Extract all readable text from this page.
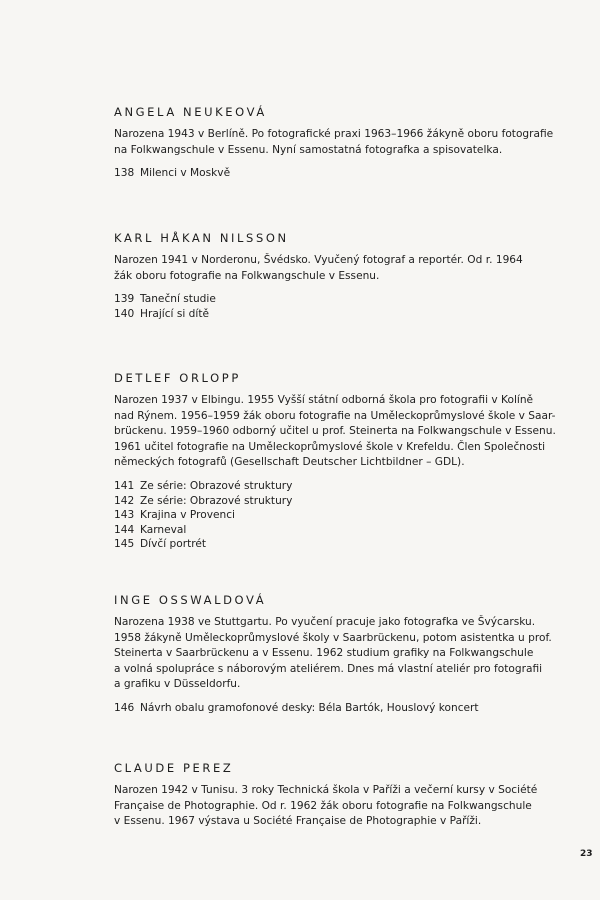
ANGELA NEUKEOVÁ

Narozena 1943 v Berlíně. Po fotografické praxi 1963–1966 žákyně oboru fotografie
na Folkwangschule v Essenu. Nyní samostatná fotografka a spisovatelka.

138 Milenci v Moskvě
KARL HÅKAN NILSSON

Narozen 1941 v Norderonu, Švédsko. Vyučený fotograf a reportér. Od r. 1964
žák oboru fotografie na Folkwangschule v Essenu.

139 Taneční studie
140 Hrající si dítě
DETLEF ORLOPP

Narozen 1937 v Elbingu. 1955 Vyšší státní odborná škola pro fotografii v Kolíně
nad Rýnem. 1956–1959 žák oboru fotografie na Uměleckoprůmyslové škole v Saar-
brückenu. 1959–1960 odborný učitel u prof. Steinerta na Folkwangschule v Essenu.
1961 učitel fotografie na Uměleckoprůmyslové škole v Krefeldu. Člen Společnosti
německých fotografů (Gesellschaft Deutscher Lichtbildner – GDL).

141 Ze série: Obrazové struktury
142 Ze série: Obrazové struktury
143 Krajina v Provenci
144 Karneval
145 Dívčí portrét
INGE OSSWALDOVÁ

Narozena 1938 ve Stuttgartu. Po vyučení pracuje jako fotografka ve Švýcarsku.
1958 žákyně Uměleckoprůmyslové školy v Saarbrückenu, potom asistentka u prof.
Steinerta v Saarbrückenu a v Essenu. 1962 studium grafiky na Folkwangschule
a volná spolupráce s náborovým ateliérem. Dnes má vlastní ateliér pro fotografii
a grafiku v Düsseldorfu.

146 Návrh obalu gramofonové desky: Béla Bartók, Houslový koncert
CLAUDE PEREZ

Narozen 1942 v Tunisu. 3 roky Technická škola v Paříži a večerní kursy v Société
Française de Photographie. Od r. 1962 žák oboru fotografie na Folkwangschule
v Essenu. 1967 výstava u Société Française de Photographie v Paříži.

23
